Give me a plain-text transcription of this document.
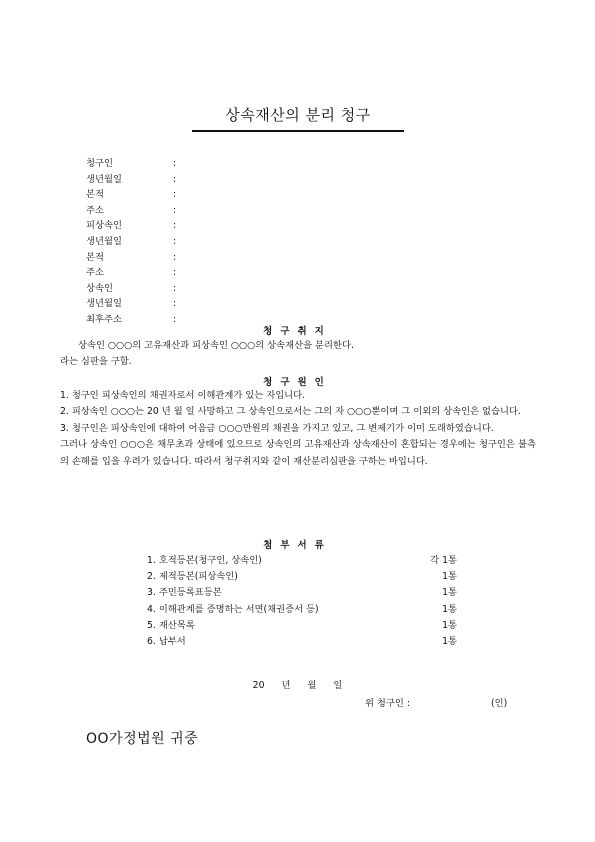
상속재산의 분리 청구
청구인	:
생년월일	:
본적	:
주소	:
피상속인	:
생년월일	:
본적	:
주소	:
상속인	:
생년월일	:
최후주소	:
청구취지

상속인 ○○○의 고유재산과 피상속인 ○○○의 상속재산을 분리한다.

라는 심판을 구함.

청구원인

1. 청구인 피상속인의 채권자로서 이해관계가 있는 자입니다.

2. 피상속인 ○○○는 20 년 월 일 사망하고 그 상속인으로서는 그의 자 ○○○뿐이며 그 이외의 상속인은 없습니다.

3. 청구인은 피상속인에 대하여 어음금 ○○○만원의 채권을 가지고 있고, 그 변제기가 이미 도래하였습니다.

그러나 상속인 ○○○은 채무초과 상태에 있으므로 상속인의 고유재산과 상속재산이 혼합되는 경우에는 청구인은 불측의 손해를 입을 우려가 있습니다. 따라서 청구취지와 같이 재산분리심판을 구하는 바입니다.

첨부서류
1. 호적등본(청구인, 상속인)	각 1통
2. 제적등본(피상속인)	1통
3. 주민등록표등본	1통
4. 이해관계를 증명하는 서면(채권증서 등)	1통
5. 재산목록	1통
6. 납부서	1통
20 년 월 일
위 청구인 :	(인)
OO가정법원 귀중
